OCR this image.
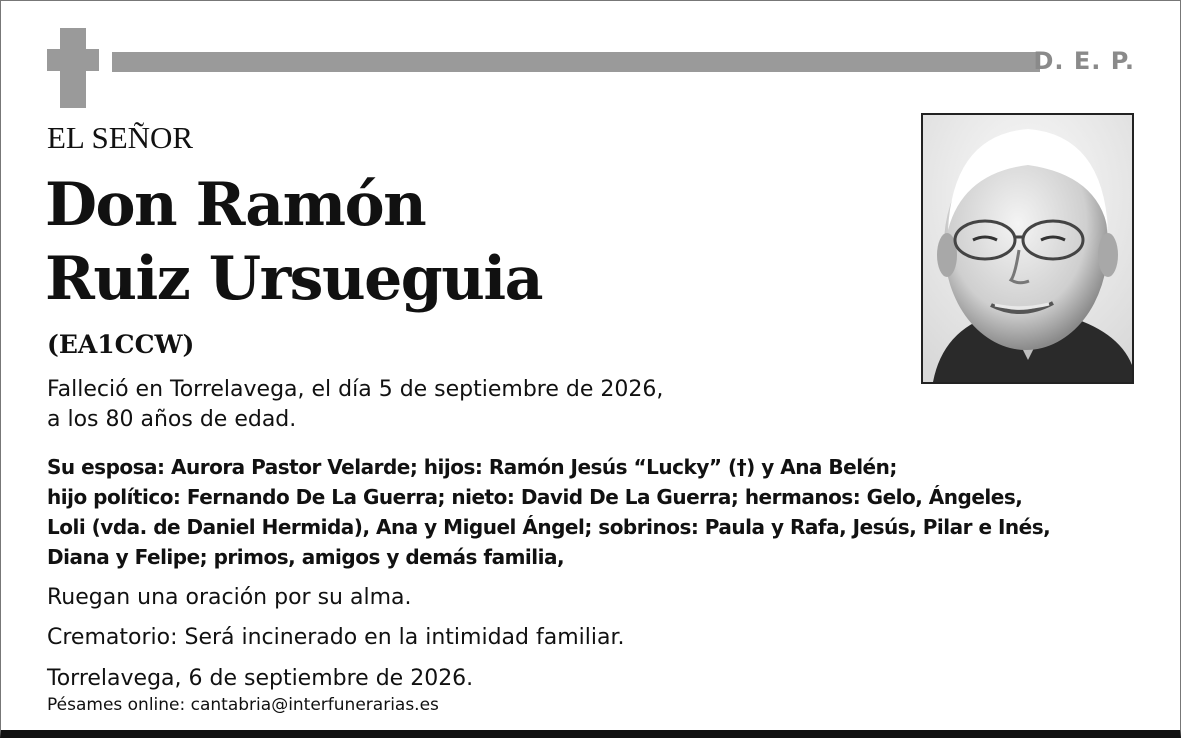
D. E. P.
EL SEÑOR
Don Ramón
Ruiz Ursueguia
(EA1CCW)
Falleció en Torrelavega, el día 5 de septiembre de 2026,
a los 80 años de edad.
Su esposa: Aurora Pastor Velarde; hijos: Ramón Jesús “Lucky” (†) y Ana Belén;
hijo político: Fernando De La Guerra; nieto: David De La Guerra; hermanos: Gelo, Ángeles,
Loli (vda. de Daniel Hermida), Ana y Miguel Ángel; sobrinos: Paula y Rafa, Jesús, Pilar e Inés,
Diana y Felipe; primos, amigos y demás familia,
Ruegan una oración por su alma.
Crematorio: Será incinerado en la intimidad familiar.
Torrelavega, 6 de septiembre de 2026.
Pésames online: cantabria@interfunerarias.es
